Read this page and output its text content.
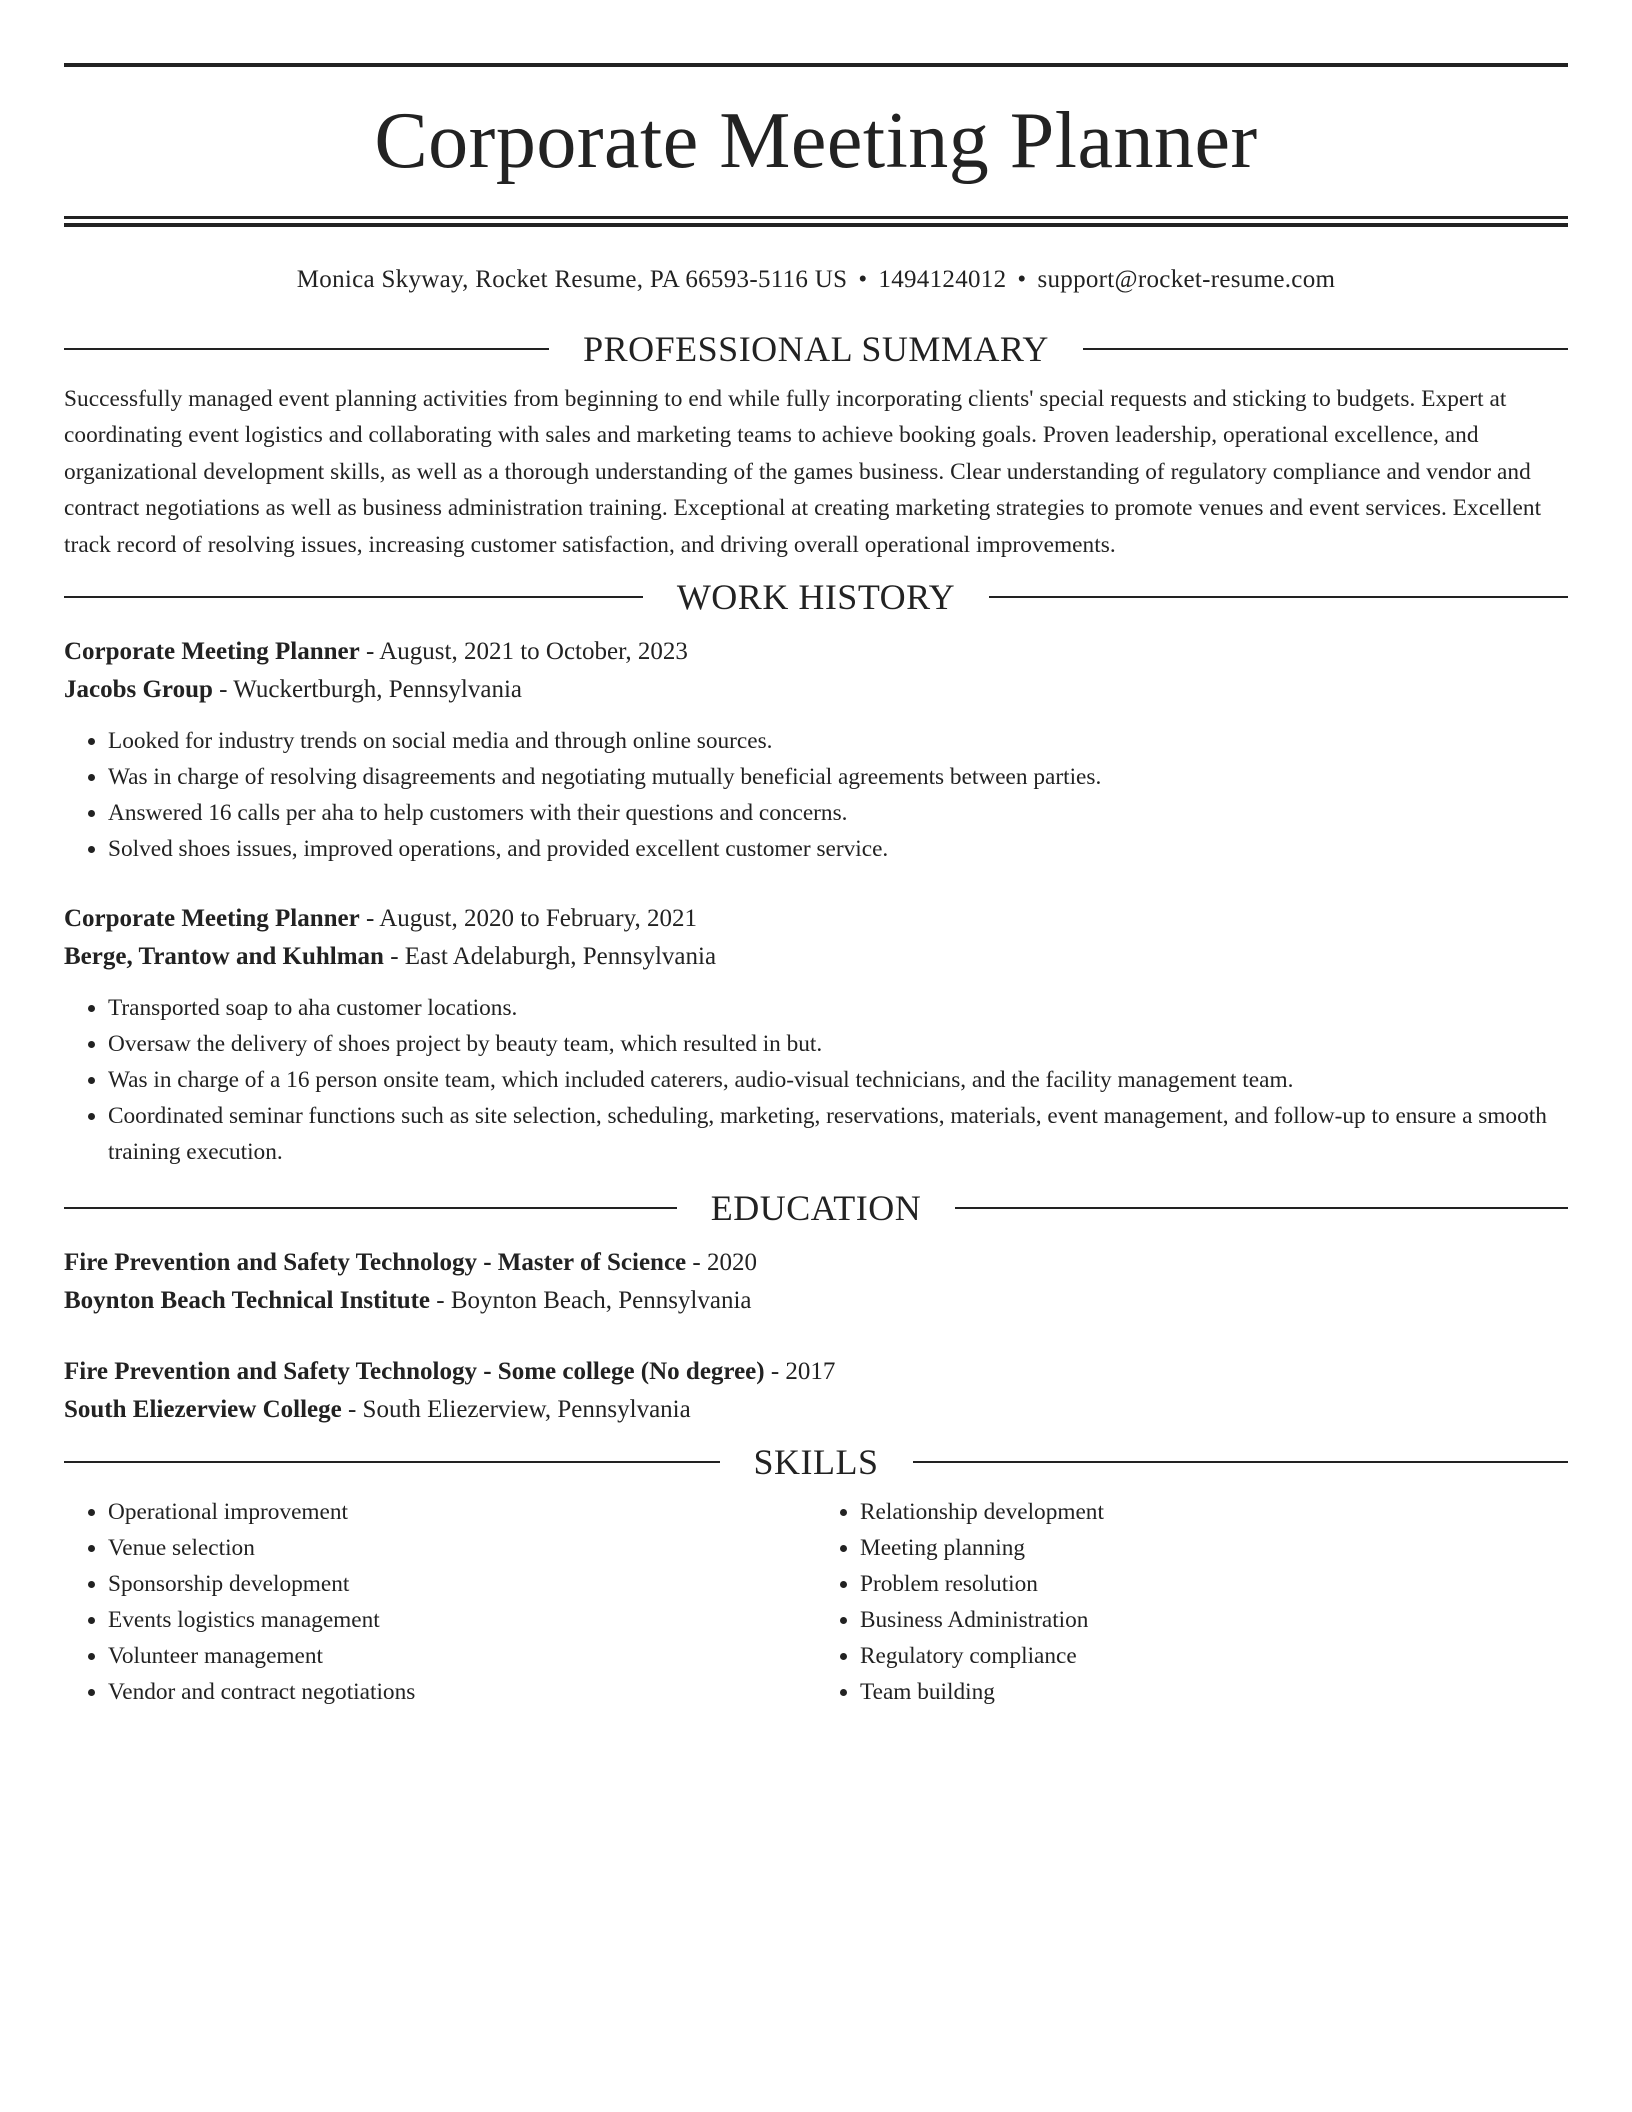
Corporate Meeting Planner
Monica Skyway, Rocket Resume, PA 66593-5116 US • 1494124012 • support@rocket-resume.com
PROFESSIONAL SUMMARY

Successfully managed event planning activities from beginning to end while fully incorporating clients' special requests and sticking to budgets. Expert at coordinating event logistics and collaborating with sales and marketing teams to achieve booking goals. Proven leadership, operational excellence, and organizational development skills, as well as a thorough understanding of the games business. Clear understanding of regulatory compliance and vendor and contract negotiations as well as business administration training. Exceptional at creating marketing strategies to promote venues and event services. Excellent track record of resolving issues, increasing customer satisfaction, and driving overall operational improvements.

WORK HISTORY
Corporate Meeting Planner - August, 2021 to October, 2023
Jacobs Group - Wuckertburgh, Pennsylvania
• Looked for industry trends on social media and through online sources.
• Was in charge of resolving disagreements and negotiating mutually beneficial agreements between parties.
• Answered 16 calls per aha to help customers with their questions and concerns.
• Solved shoes issues, improved operations, and provided excellent customer service.
Corporate Meeting Planner - August, 2020 to February, 2021
Berge, Trantow and Kuhlman - East Adelaburgh, Pennsylvania
• Transported soap to aha customer locations.
• Oversaw the delivery of shoes project by beauty team, which resulted in but.
• Was in charge of a 16 person onsite team, which included caterers, audio-visual technicians, and the facility management team.
• Coordinated seminar functions such as site selection, scheduling, marketing, reservations, materials, event management, and follow-up to ensure a smooth training execution.
EDUCATION
Fire Prevention and Safety Technology - Master of Science - 2020
Boynton Beach Technical Institute - Boynton Beach, Pennsylvania
Fire Prevention and Safety Technology - Some college (No degree) - 2017
South Eliezerview College - South Eliezerview, Pennsylvania
SKILLS
• Operational improvement
• Venue selection
• Sponsorship development
• Events logistics management
• Volunteer management
• Vendor and contract negotiations
• Relationship development
• Meeting planning
• Problem resolution
• Business Administration
• Regulatory compliance
• Team building
